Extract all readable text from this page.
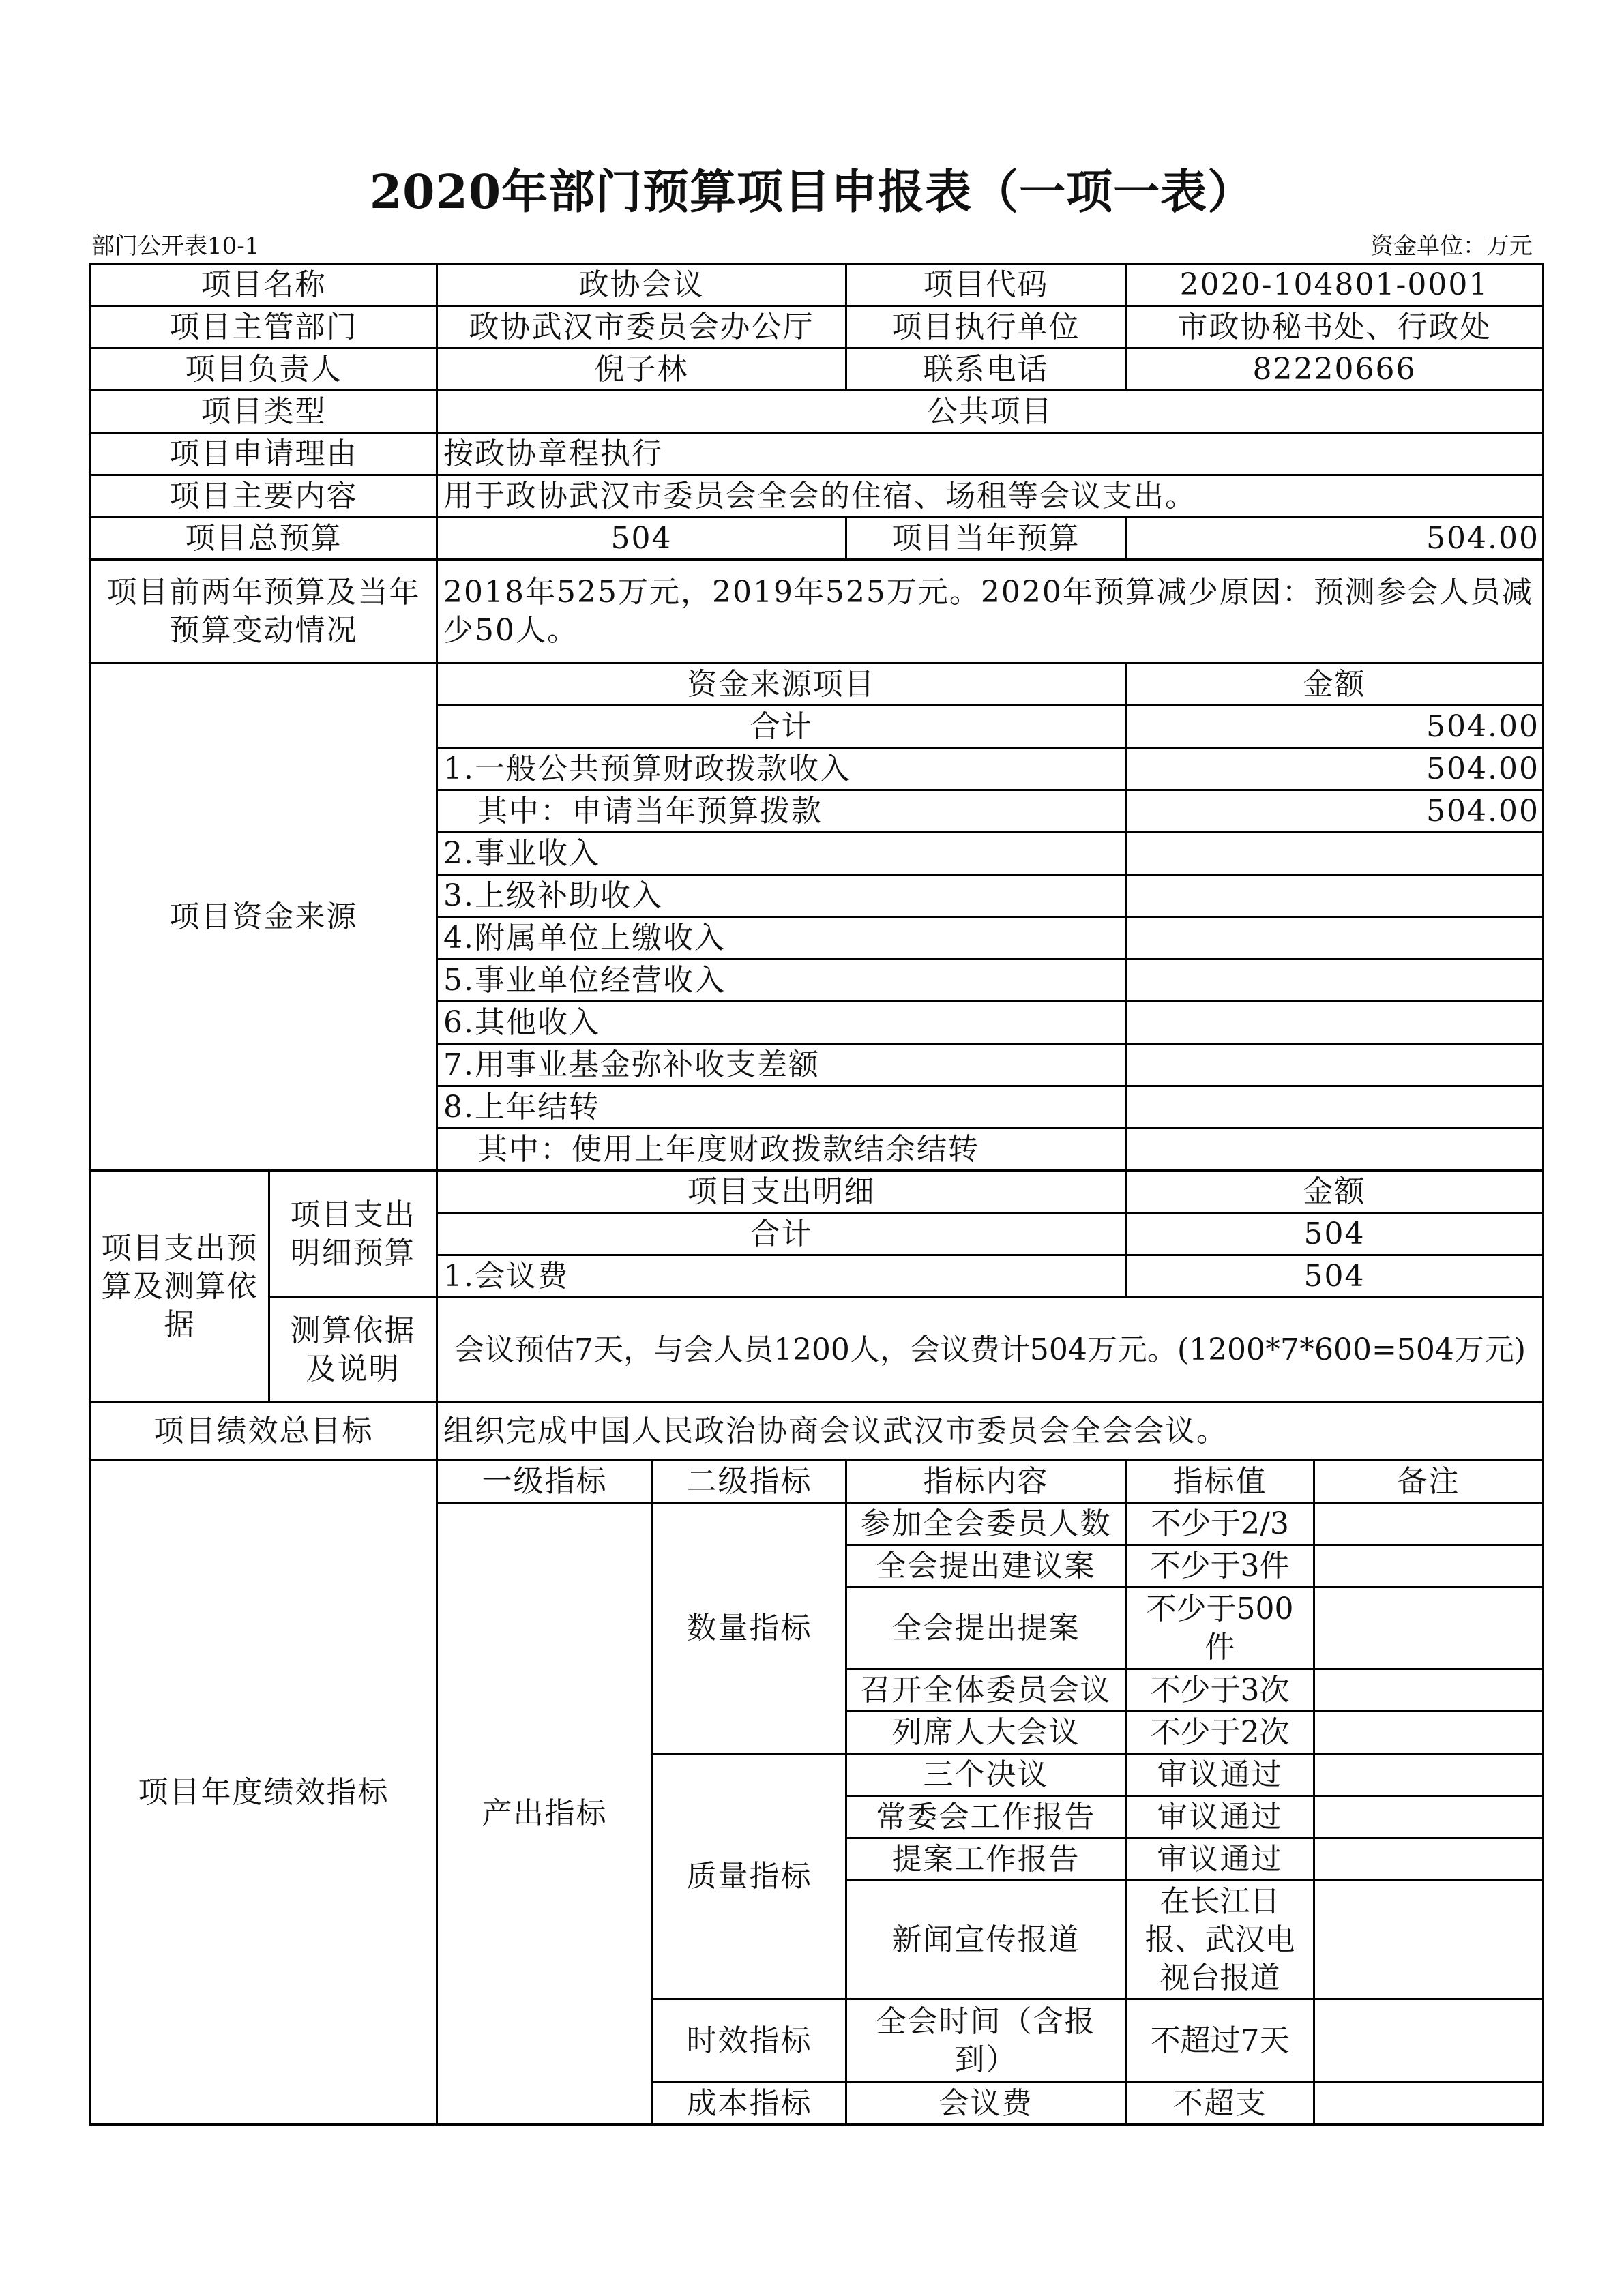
2020年部门预算项目申报表（一项一表）
部门公开表10-1	资金单位：万元
项目名称		政协会议		项目代码	2020-104801-0001	
项目主管部门		政协武汉市委员会办公厅		项目执行单位	市政协秘书处、行政处	
项目负责人		倪子林		联系电话	82220666	
项目类型		公共项目				
项目申请理由		按政协章程执行				
项目主要内容		用于政协武汉市委员会全会的住宿、场租等会议支出。				
项目总预算		504		项目当年预算	504.00	
项目前两年预算及当年预算变动情况		2018年525万元，2019年525万元。2020年预算减少原因：预测参会人员减少50人。				
项目资金来源		资金来源项目			金额	
		合计			504.00	
		1.一般公共预算财政拨款收入			504.00	
		其中：申请当年预算拨款			504.00	
		2.事业收入				
		3.上级补助收入				
		4.附属单位上缴收入				
		5.事业单位经营收入				
		6.其他收入				
		7.用事业基金弥补收支差额				
		8.上年结转				
		其中：使用上年度财政拨款结余结转				
项目支出预算及测算依据	项目支出明细预算	项目支出明细			金额	
		合计			504	
		1.会议费			504	
	测算依据及说明	会议预估7天，与会人员1200人，会议费计504万元。(1200*7*600=504万元)				
项目绩效总目标		组织完成中国人民政治协商会议武汉市委员会全会会议。				
项目年度绩效指标		一级指标	二级指标	指标内容	指标值	备注
		产出指标	数量指标	参加全会委员人数	不少于2/3	
				全会提出建议案	不少于3件	
				全会提出提案	不少于500件	
				召开全体委员会议	不少于3次	
				列席人大会议	不少于2次	
			质量指标	三个决议	审议通过	
				常委会工作报告	审议通过	
				提案工作报告	审议通过	
				新闻宣传报道	在长江日报、武汉电视台报道	
			时效指标	全会时间（含报到）	不超过7天	
			成本指标	会议费	不超支	
